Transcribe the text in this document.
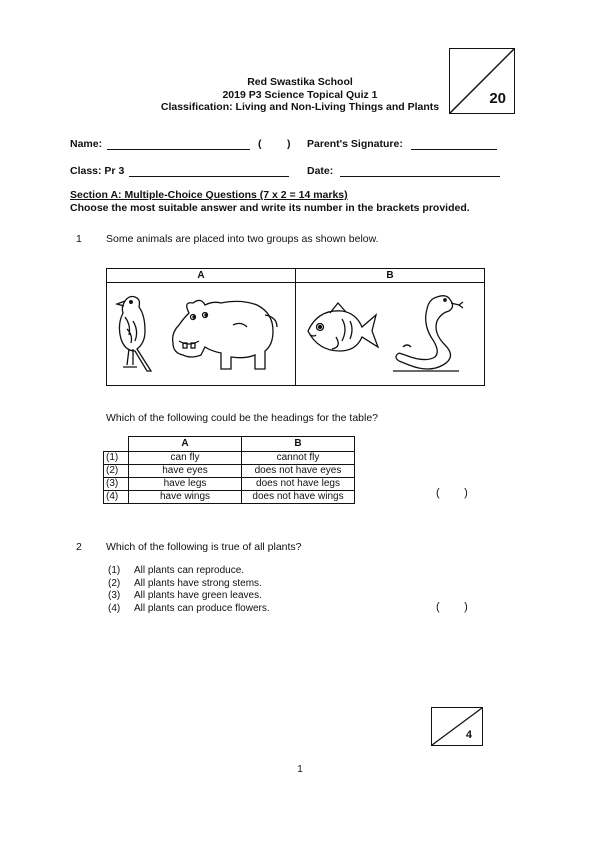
Red Swastika School
2019 P3 Science Topical Quiz 1
Classification: Living and Non-Living Things and Plants	20
Name:	( ) Parent's Signature:
Class: Pr 3	Date:
Section A: Multiple-Choice Questions (7 x 2 = 14 marks)
Choose the most suitable answer and write its number in the brackets provided.
1 Some animals are placed into two groups as shown below.
A	B
Which of the following could be the headings for the table?
	A	B
(1)	can fly	cannot fly
(2)	have eyes	does not have eyes
(3)	have legs	does not have legs
(4)	have wings	does not have wings	(        )
2 Which of the following is true of all plants?
(1) All plants can reproduce.
(2) All plants have strong stems.
(3) All plants have green leaves.
(4) All plants can produce flowers.	(        )
4
1
